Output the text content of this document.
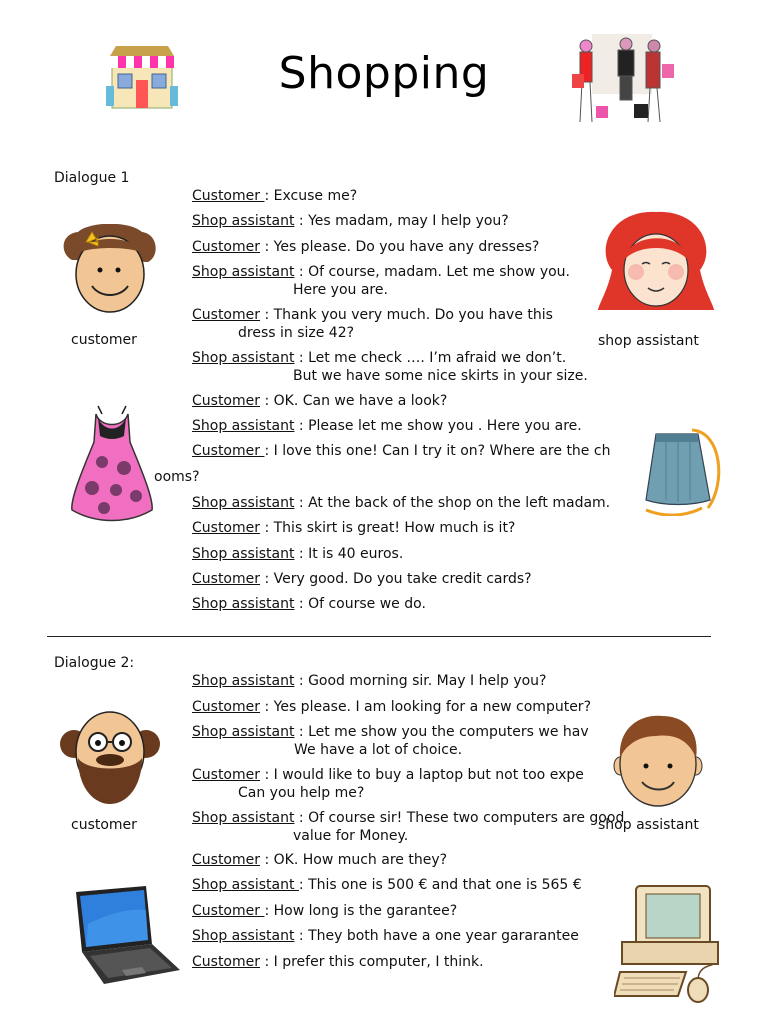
Shopping
Dialogue 1
Customer : Excuse me?
Shop assistant : Yes madam, may I help you?
Customer : Yes please. Do you have any dresses?
Shop assistant : Of course, madam. Let me show you.
Here you are.
Customer : Thank you very much. Do you have this
dress in size 42?
Shop assistant : Let me check …. I’m afraid we don’t.
But we have some nice skirts in your size.
Customer : OK. Can we have a look?
Shop assistant : Please let me show you . Here you are.
Customer : I love this one! Can I try it on? Where are the ch
ooms?
Shop assistant : At the back of the shop on the left madam.
Customer : This skirt is great! How much is it?
Shop assistant : It is 40 euros.
Customer : Very good. Do you take credit cards?
Shop assistant : Of course we do.
customer	shop assistant
Dialogue 2:
Shop assistant : Good morning sir. May I help you?
Customer : Yes please. I am looking for a new computer?
Shop assistant : Let me show you the computers we hav
We have a lot of choice.
Customer : I would like to buy a laptop but not too expe
Can you help me?
Shop assistant : Of course sir! These two computers are good
value for Money.
Customer : OK. How much are they?
Shop assistant : This one is 500 € and that one is 565 €
Customer : How long is the garantee?
Shop assistant : They both have a one year gararantee
Customer : I prefer this computer, I think.
customer	shop assistant
